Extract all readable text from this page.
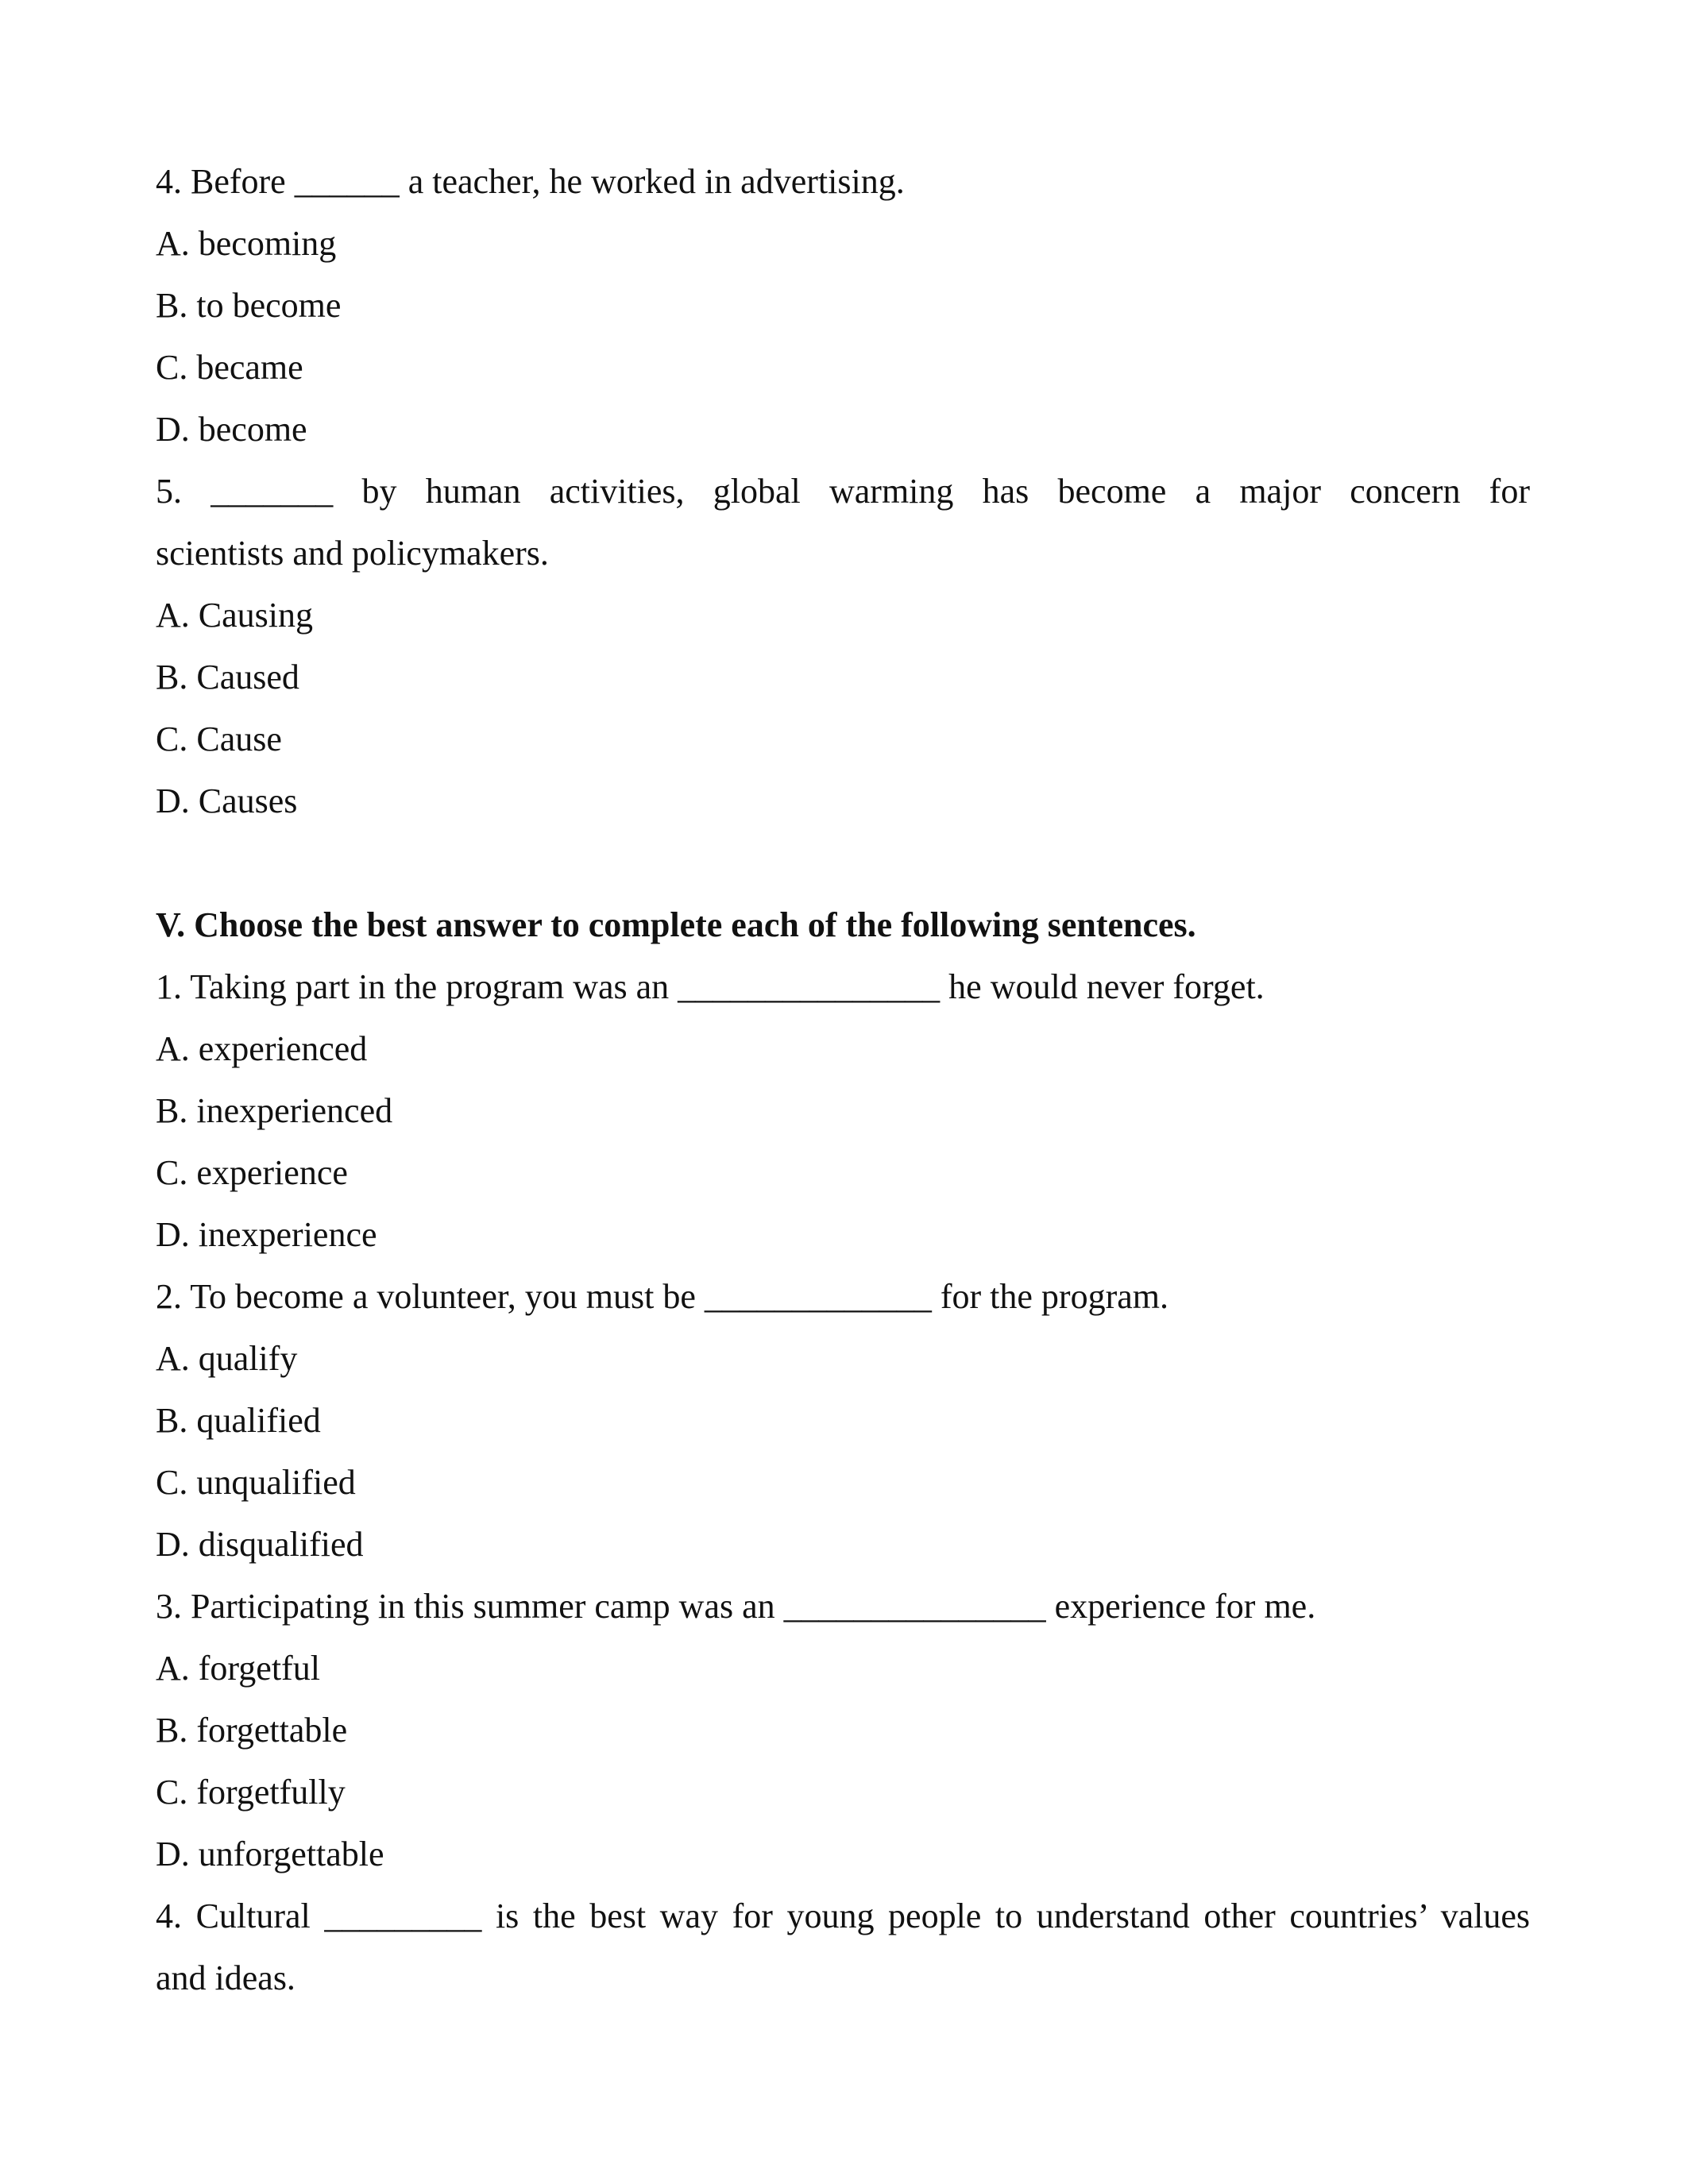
4. Before ______ a teacher, he worked in advertising.
A. becoming
B. to become
C. became
D. become
5. _______ by human activities, global warming has become a major concern for
scientists and policymakers.
A. Causing
B. Caused
C. Cause
D. Causes
V. Choose the best answer to complete each of the following sentences.
1. Taking part in the program was an _______________ he would never forget.
A. experienced
B. inexperienced
C. experience
D. inexperience
2. To become a volunteer, you must be _____________ for the program.
A. qualify
B. qualified
C. unqualified
D. disqualified
3. Participating in this summer camp was an _______________ experience for me.
A. forgetful
B. forgettable
C. forgetfully
D. unforgettable
4. Cultural _________ is the best way for young people to understand other countries’ values
and ideas.
